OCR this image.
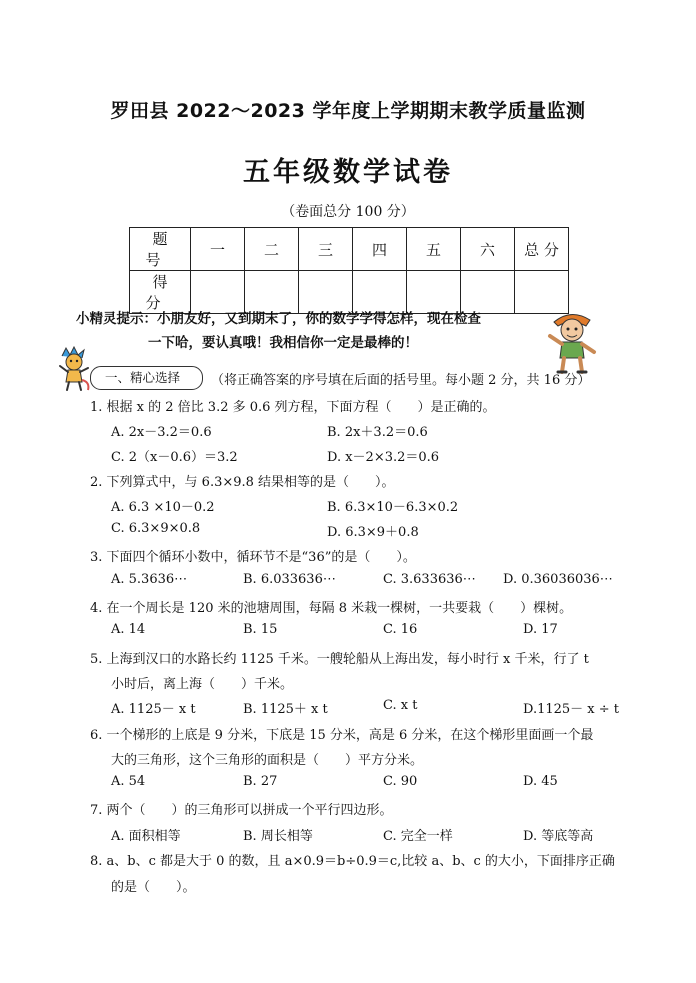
罗田县 2022～2023 学年度上学期期末教学质量监测
五年级数学试卷
（卷面总分 100 分）
题　号	一	二	三	四	五	六	总 分
得　分							
小精灵提示：小朋友好，又到期末了，你的数学学得怎样，现在检查
一下哈，要认真哦！我相信你一定是最棒的！
一、精心选择	（将正确答案的序号填在后面的括号里。每小题 2 分，共 16 分）
1. 根据 x 的 2 倍比 3.2 多 0.6 列方程，下面方程（　　）是正确的。
A. 2x－3.2＝0.6	B. 2x＋3.2＝0.6
C. 2（x－0.6）＝3.2	D. x－2×3.2＝0.6
2. 下列算式中，与 6.3×9.8 结果相等的是（　　）。
A. 6.3 ×10－0.2	B. 6.3×10－6.3×0.2
C. 6.3×9×0.8	D. 6.3×9＋0.8
3. 下面四个循环小数中，循环节不是“36”的是（　　）。
A. 5.3636⋯	B. 6.033636⋯	C. 3.633636⋯ D. 0.36036036⋯
4. 在一个周长是 120 米的池塘周围，每隔 8 米栽一棵树，一共要栽（　　）棵树。
A. 14	B. 15	C. 16	D. 17
5. 上海到汉口的水路长约 1125 千米。一艘轮船从上海出发，每小时行 x 千米，行了 t
小时后，离上海（　　）千米。
A. 1125－ x t	B. 1125＋ x t	C. x t	D.1125－ x ÷ t
6. 一个梯形的上底是 9 分米，下底是 15 分米，高是 6 分米，在这个梯形里面画一个最
大的三角形，这个三角形的面积是（　　）平方分米。
A. 54	B. 27	C. 90	D. 45
7. 两个（　　）的三角形可以拼成一个平行四边形。
A. 面积相等	B. 周长相等	C. 完全一样	D. 等底等高
8. a、b、c 都是大于 0 的数，且 a×0.9＝b÷0.9＝c,比较 a、b、c 的大小，下面排序正确
的是（　　）。
